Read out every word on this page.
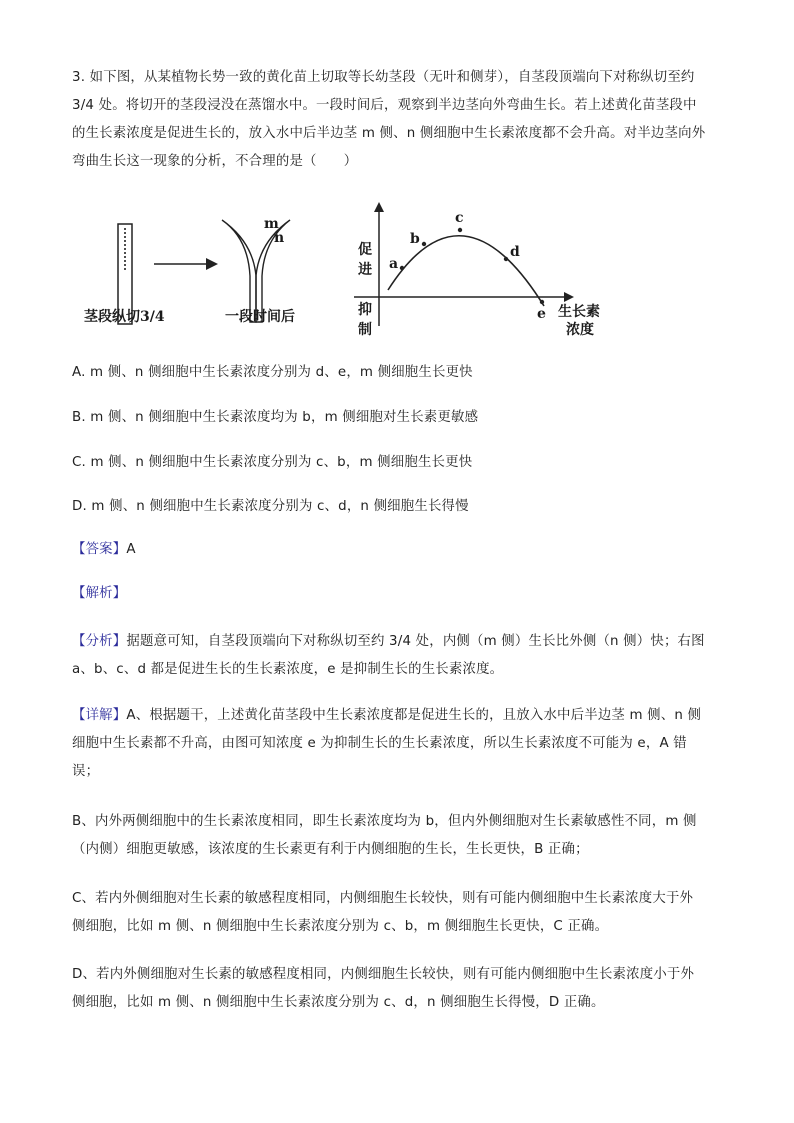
3. 如下图，从某植物长势一致的黄化苗上切取等长幼茎段（无叶和侧芽），自茎段顶端向下对称纵切至约
3/4 处。将切开的茎段浸没在蒸馏水中。一段时间后，观察到半边茎向外弯曲生长。若上述黄化苗茎段中
的生长素浓度是促进生长的，放入水中后半边茎 m 侧、n 侧细胞中生长素浓度都不会升高。对半边茎向外
弯曲生长这一现象的分析，不合理的是（　　）

m
n
茎段纵切3/4	一段时间后
促
进
抑
制
生长素
浓度
a
b
c
d
e

A. m 侧、n 侧细胞中生长素浓度分别为 d、e，m 侧细胞生长更快

B. m 侧、n 侧细胞中生长素浓度均为 b，m 侧细胞对生长素更敏感

C. m 侧、n 侧细胞中生长素浓度分别为 c、b，m 侧细胞生长更快

D. m 侧、n 侧细胞中生长素浓度分别为 c、d，n 侧细胞生长得慢

【答案】A

【解析】

【分析】据题意可知，自茎段顶端向下对称纵切至约 3/4 处，内侧（m 侧）生长比外侧（n 侧）快；右图
a、b、c、d 都是促进生长的生长素浓度，e 是抑制生长的生长素浓度。

【详解】A、根据题干，上述黄化苗茎段中生长素浓度都是促进生长的，且放入水中后半边茎 m 侧、n 侧
细胞中生长素都不升高，由图可知浓度 e 为抑制生长的生长素浓度，所以生长素浓度不可能为 e，A 错
误；

B、内外两侧细胞中的生长素浓度相同，即生长素浓度均为 b，但内外侧细胞对生长素敏感性不同，m 侧
（内侧）细胞更敏感，该浓度的生长素更有利于内侧细胞的生长，生长更快，B 正确；

C、若内外侧细胞对生长素的敏感程度相同，内侧细胞生长较快，则有可能内侧细胞中生长素浓度大于外
侧细胞，比如 m 侧、n 侧细胞中生长素浓度分别为 c、b，m 侧细胞生长更快，C 正确。

D、若内外侧细胞对生长素的敏感程度相同，内侧细胞生长较快，则有可能内侧细胞中生长素浓度小于外
侧细胞，比如 m 侧、n 侧细胞中生长素浓度分别为 c、d，n 侧细胞生长得慢，D 正确。
